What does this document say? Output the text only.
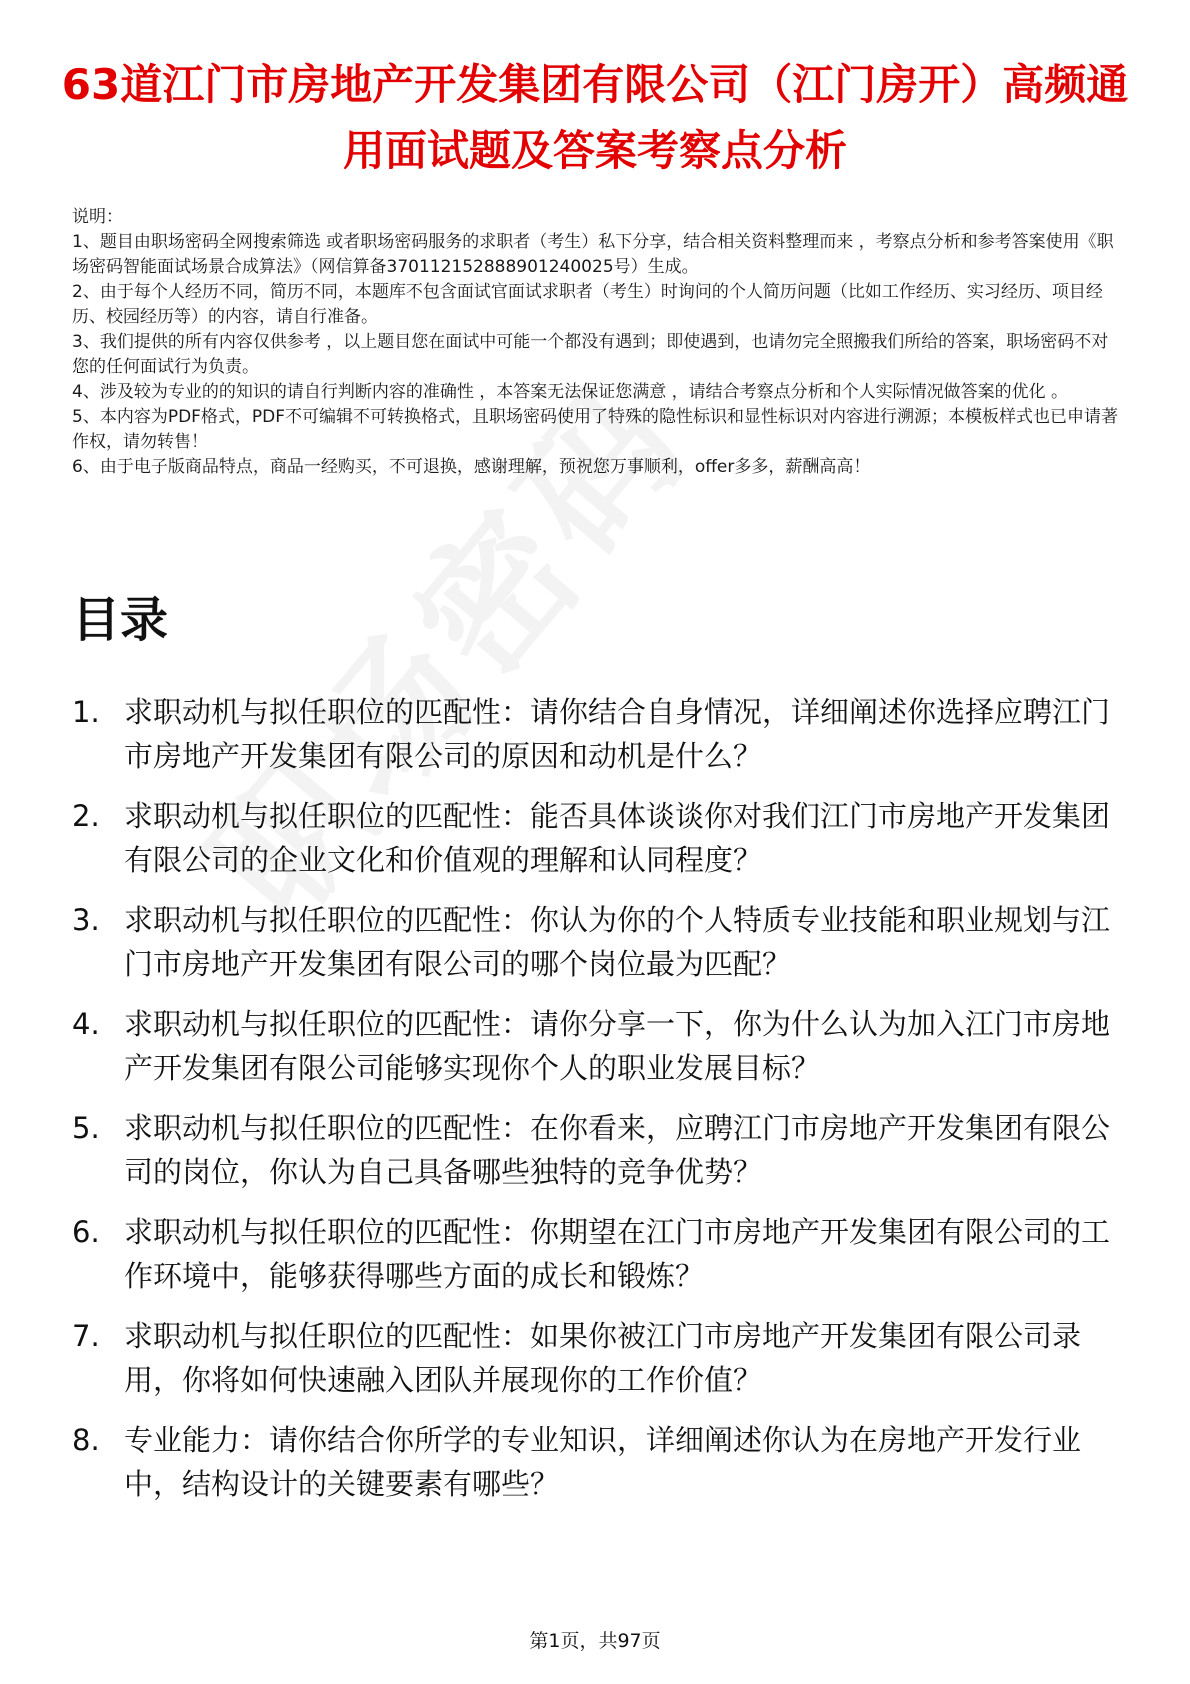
63道江门市房地产开发集团有限公司（江门房开）高频通用面试题及答案考察点分析
说明：
1、题目由职场密码全网搜索筛选 或者职场密码服务的求职者（考生）私下分享，结合相关资料整理而来 ，考察点分析和参考答案使用《职场密码智能面试场景合成算法》（网信算备370112152888901240025号）生成。
2、由于每个人经历不同，简历不同，本题库不包含面试官面试求职者（考生）时询问的个人简历问题（比如工作经历、实习经历、项目经历、校园经历等）的内容，请自行准备。
3、我们提供的所有内容仅供参考 ，以上题目您在面试中可能一个都没有遇到；即使遇到，也请勿完全照搬我们所给的答案，职场密码不对您的任何面试行为负责。
4、涉及较为专业的的知识的请自行判断内容的准确性 ，本答案无法保证您满意 ，请结合考察点分析和个人实际情况做答案的优化 。
5、本内容为PDF格式，PDF不可编辑不可转换格式，且职场密码使用了特殊的隐性标识和显性标识对内容进行溯源；本模板样式也已申请著作权，请勿转售！
6、由于电子版商品特点，商品一经购买，不可退换，感谢理解，预祝您万事顺利，offer多多，薪酬高高！
目录
1. 求职动机与拟任职位的匹配性：请你结合自身情况，详细阐述你选择应聘江门市房地产开发集团有限公司的原因和动机是什么？
2. 求职动机与拟任职位的匹配性：能否具体谈谈你对我们江门市房地产开发集团有限公司的企业文化和价值观的理解和认同程度？
3. 求职动机与拟任职位的匹配性：你认为你的个人特质专业技能和职业规划与江门市房地产开发集团有限公司的哪个岗位最为匹配？
4. 求职动机与拟任职位的匹配性：请你分享一下，你为什么认为加入江门市房地产开发集团有限公司能够实现你个人的职业发展目标？
5. 求职动机与拟任职位的匹配性：在你看来，应聘江门市房地产开发集团有限公司的岗位，你认为自己具备哪些独特的竞争优势？
6. 求职动机与拟任职位的匹配性：你期望在江门市房地产开发集团有限公司的工作环境中，能够获得哪些方面的成长和锻炼？
7. 求职动机与拟任职位的匹配性：如果你被江门市房地产开发集团有限公司录用，你将如何快速融入团队并展现你的工作价值？
8. 专业能力：请你结合你所学的专业知识，详细阐述你认为在房地产开发行业中，结构设计的关键要素有哪些？
第1页，共97页
